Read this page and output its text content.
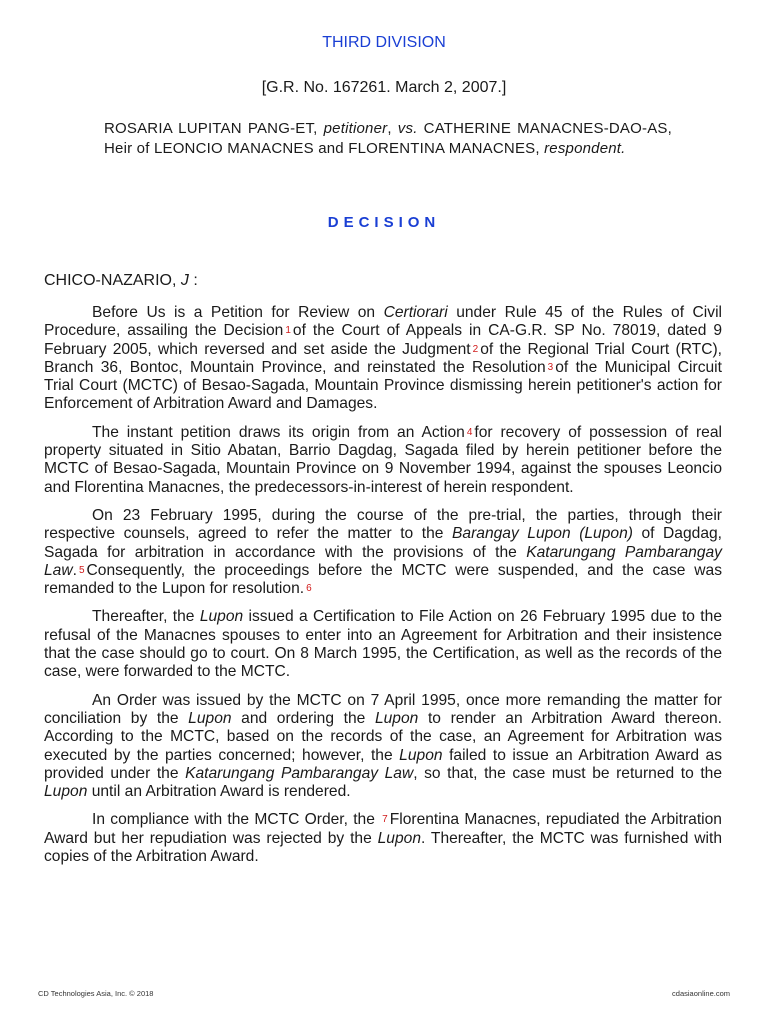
THIRD DIVISION
[G.R. No. 167261. March 2, 2007.]
ROSARIA LUPITAN PANG-ET, petitioner, vs. CATHERINE MANACNES-DAO-AS, Heir of LEONCIO MANACNES and FLORENTINA MANACNES, respondent.
DECISION
CHICO-NAZARIO, J :

Before Us is a Petition for Review on Certiorari under Rule 45 of the Rules of Civil Procedure, assailing the Decision 1 of the Court of Appeals in CA-G.R. SP No. 78019, dated 9 February 2005, which reversed and set aside the Judgment 2 of the Regional Trial Court (RTC), Branch 36, Bontoc, Mountain Province, and reinstated the Resolution 3 of the Municipal Circuit Trial Court (MCTC) of Besao-Sagada, Mountain Province dismissing herein petitioner's action for Enforcement of Arbitration Award and Damages.

The instant petition draws its origin from an Action 4 for recovery of possession of real property situated in Sitio Abatan, Barrio Dagdag, Sagada filed by herein petitioner before the MCTC of Besao-Sagada, Mountain Province on 9 November 1994, against the spouses Leoncio and Florentina Manacnes, the predecessors-in-interest of herein respondent.

On 23 February 1995, during the course of the pre-trial, the parties, through their respective counsels, agreed to refer the matter to the Barangay Lupon (Lupon) of Dagdag, Sagada for arbitration in accordance with the provisions of the Katarungang Pambarangay Law. 5 Consequently, the proceedings before the MCTC were suspended, and the case was remanded to the Lupon for resolution. 6

Thereafter, the Lupon issued a Certification to File Action on 26 February 1995 due to the refusal of the Manacnes spouses to enter into an Agreement for Arbitration and their insistence that the case should go to court. On 8 March 1995, the Certification, as well as the records of the case, were forwarded to the MCTC.

An Order was issued by the MCTC on 7 April 1995, once more remanding the matter for conciliation by the Lupon and ordering the Lupon to render an Arbitration Award thereon. According to the MCTC, based on the records of the case, an Agreement for Arbitration was executed by the parties concerned; however, the Lupon failed to issue an Arbitration Award as provided under the Katarungang Pambarangay Law, so that, the case must be returned to the Lupon until an Arbitration Award is rendered.

In compliance with the MCTC Order, the 7 Florentina Manacnes, repudiated the Arbitration Award but her repudiation was rejected by the Lupon. Thereafter, the MCTC was furnished with copies of the Arbitration Award.

CD Technologies Asia, Inc. © 2018	cdasiaonline.com
